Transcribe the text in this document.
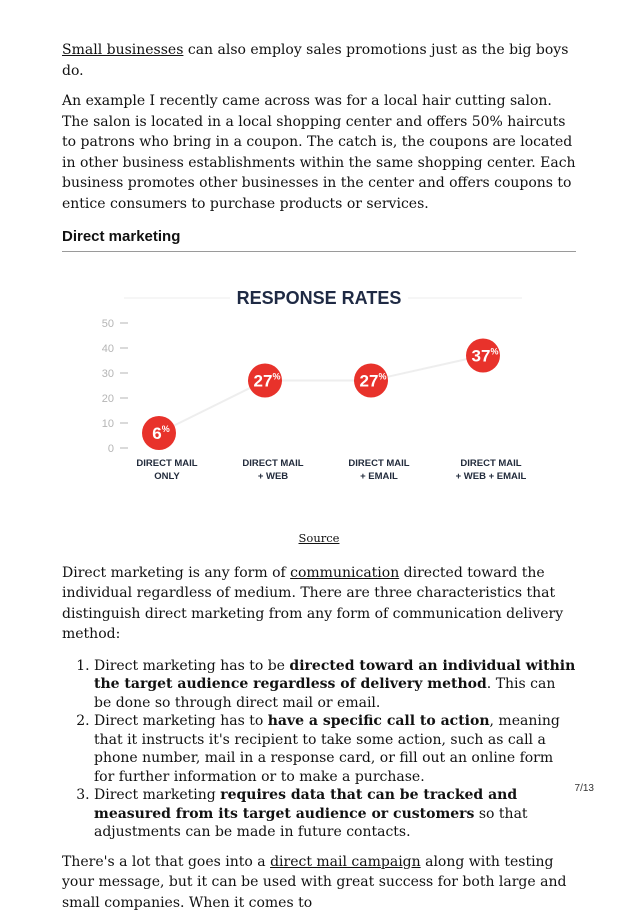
Small businesses can also employ sales promotions just as the big boys do.

An example I recently came across was for a local hair cutting salon. The salon is located in a local shopping center and offers 50% haircuts to patrons who bring in a coupon. The catch is, the coupons are located in other business establishments within the same shopping center. Each business promotes other businesses in the center and offers coupons to entice consumers to purchase products or services.

Direct marketing
RESPONSE RATES
0
10
20
30
40
50
6 %
DIRECT MAIL
ONLY
27 %
DIRECT MAIL
+ WEB
27 %
DIRECT MAIL
+ EMAIL
37 %
DIRECT MAIL
+ WEB + EMAIL

Source

Direct marketing is any form of communication directed toward the individual regardless of medium. There are three characteristics that distinguish direct marketing from any form of communication delivery method:

1. Direct marketing has to be directed toward an individual within the target audience regardless of delivery method. This can be done so through direct mail or email.
2. Direct marketing has to have a specific call to action, meaning that it instructs it's recipient to take some action, such as call a phone number, mail in a response card, or fill out an online form for further information or to make a purchase.
3. Direct marketing requires data that can be tracked and measured from its target audience or customers so that adjustments can be made in future contacts.

There's a lot that goes into a direct mail campaign along with testing your message, but it can be used with great success for both large and small companies. When it comes to

7/13
